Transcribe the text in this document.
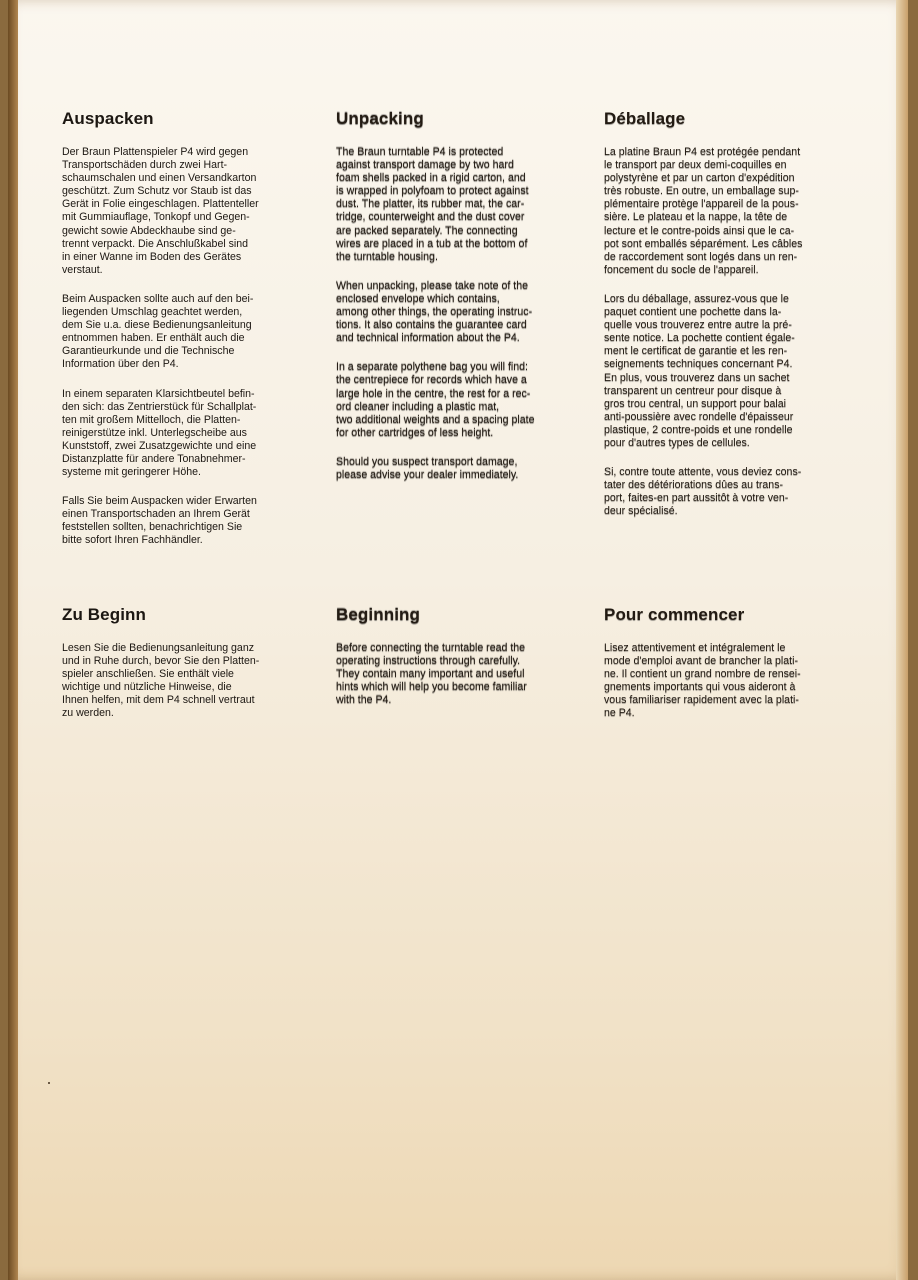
Auspacken

Der Braun Plattenspieler P4 wird gegen
Transportschäden durch zwei Hart-
schaumschalen und einen Versandkarton
geschützt. Zum Schutz vor Staub ist das
Gerät in Folie eingeschlagen. Plattenteller
mit Gummiauflage, Tonkopf und Gegen-
gewicht sowie Abdeckhaube sind ge-
trennt verpackt. Die Anschlußkabel sind
in einer Wanne im Boden des Gerätes
verstaut.

Beim Auspacken sollte auch auf den bei-
liegenden Umschlag geachtet werden,
dem Sie u.a. diese Bedienungsanleitung
entnommen haben. Er enthält auch die
Garantieurkunde und die Technische
Information über den P4.

In einem separaten Klarsichtbeutel befin-
den sich: das Zentrierstück für Schallplat-
ten mit großem Mittelloch, die Platten-
reinigerstütze inkl. Unterlegscheibe aus
Kunststoff, zwei Zusatzgewichte und eine
Distanzplatte für andere Tonabnehmer-
systeme mit geringerer Höhe.

Falls Sie beim Auspacken wider Erwarten
einen Transportschaden an Ihrem Gerät
feststellen sollten, benachrichtigen Sie
bitte sofort Ihren Fachhändler.

Unpacking

The Braun turntable P4 is protected
against transport damage by two hard
foam shells packed in a rigid carton, and
is wrapped in polyfoam to protect against
dust. The platter, its rubber mat, the car-
tridge, counterweight and the dust cover
are packed separately. The connecting
wires are placed in a tub at the bottom of
the turntable housing.

When unpacking, please take note of the
enclosed envelope which contains,
among other things, the operating instruc-
tions. It also contains the guarantee card
and technical information about the P4.

In a separate polythene bag you will find:
the centrepiece for records which have a
large hole in the centre, the rest for a rec-
ord cleaner including a plastic mat,
two additional weights and a spacing plate
for other cartridges of less height.

Should you suspect transport damage,
please advise your dealer immediately.

Déballage

La platine Braun P4 est protégée pendant
le transport par deux demi-coquilles en
polystyrène et par un carton d'expédition
très robuste. En outre, un emballage sup-
plémentaire protège l'appareil de la pous-
sière. Le plateau et la nappe, la tête de
lecture et le contre-poids ainsi que le ca-
pot sont emballés séparément. Les câbles
de raccordement sont logés dans un ren-
foncement du socle de l'appareil.

Lors du déballage, assurez-vous que le
paquet contient une pochette dans la-
quelle vous trouverez entre autre la pré-
sente notice. La pochette contient égale-
ment le certificat de garantie et les ren-
seignements techniques concernant P4.
En plus, vous trouverez dans un sachet
transparent un centreur pour disque à
gros trou central, un support pour balai
anti-poussière avec rondelle d'épaisseur
plastique, 2 contre-poids et une rondelle
pour d'autres types de cellules.

Si, contre toute attente, vous deviez cons-
tater des détériorations dûes au trans-
port, faites-en part aussitôt à votre ven-
deur spécialisé.

Zu Beginn

Lesen Sie die Bedienungsanleitung ganz
und in Ruhe durch, bevor Sie den Platten-
spieler anschließen. Sie enthält viele
wichtige und nützliche Hinweise, die
Ihnen helfen, mit dem P4 schnell vertraut
zu werden.

Beginning

Before connecting the turntable read the
operating instructions through carefully.
They contain many important and useful
hints which will help you become familiar
with the P4.

Pour commencer

Lisez attentivement et intégralement le
mode d'emploi avant de brancher la plati-
ne. Il contient un grand nombre de rensei-
gnements importants qui vous aideront à
vous familiariser rapidement avec la plati-
ne P4.
